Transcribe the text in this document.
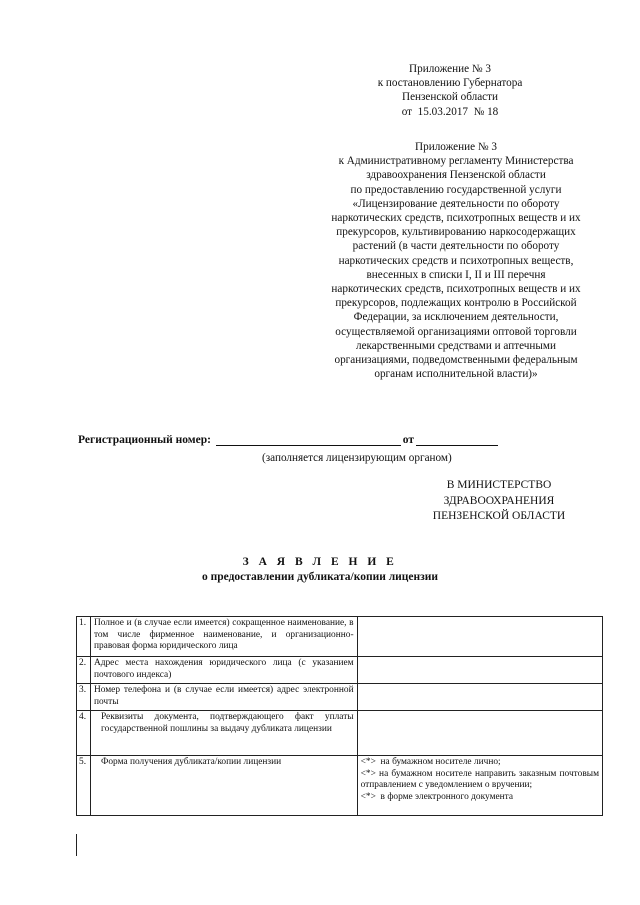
Приложение № 3
к постановлению Губернатора
Пензенской области
от  15.03.2017  № 18
Приложение № 3
к Административному регламенту Министерства
здравоохранения Пензенской области
по предоставлению государственной услуги
«Лицензирование деятельности по обороту
наркотических средств, психотропных веществ и их
прекурсоров, культивированию наркосодержащих
растений (в части деятельности по обороту
наркотических средств и психотропных веществ,
внесенных в списки I, II и III перечня
наркотических средств, психотропных веществ и их
прекурсоров, подлежащих контролю в Российской
Федерации, за исключением деятельности,
осуществляемой организациями оптовой торговли
лекарственными средствами и аптечными
организациями, подведомственными федеральным
органам исполнительной власти)»
Регистрационный номер:	от
(заполняется лицензирующим органом)
В МИНИСТЕРСТВО
ЗДРАВООХРАНЕНИЯ
ПЕНЗЕНСКОЙ ОБЛАСТИ
З А Я В Л Е Н И Е
о предоставлении дубликата/копии лицензии
1.	Полное и (в случае если имеется) сокращенное наименование, в том числе фирменное наименование, и организационно-правовая форма юридического лица	
2.	Адрес места нахождения юридического лица (с указанием почтового индекса)	
3.	Номер телефона и (в случае если имеется) адрес электронной почты	
4.	Реквизиты документа, подтверждающего факт уплаты государственной пошлины за выдачу дубликата лицензии	
5.	Форма получения дубликата/копии лицензии	<*>  на бумажном носителе лично;
<*> на бумажном носителе направить заказным почтовым отправлением с уведомлением о вручении;
<*>  в форме электронного документа
